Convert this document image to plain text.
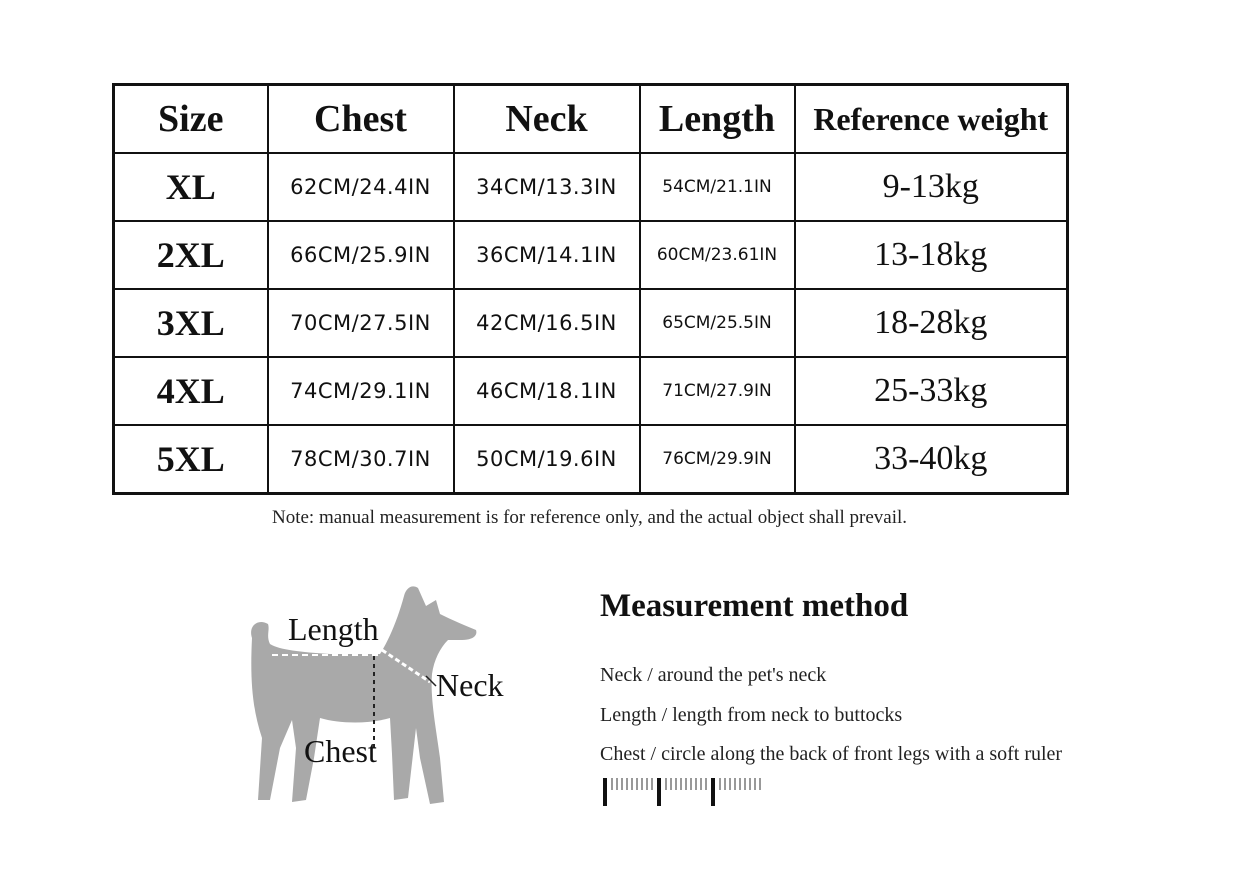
Size	Chest	Neck	Length	Reference weight
XL	62CM/24.4IN	34CM/13.3IN	54CM/21.1IN	9-13kg
2XL	66CM/25.9IN	36CM/14.1IN	60CM/23.61IN	13-18kg
3XL	70CM/27.5IN	42CM/16.5IN	65CM/25.5IN	18-28kg
4XL	74CM/29.1IN	46CM/18.1IN	71CM/27.9IN	25-33kg
5XL	78CM/30.7IN	50CM/19.6IN	76CM/29.9IN	33-40kg
Note: manual measurement is for reference only, and the actual object shall prevail.
Length
Neck
Chest
Measurement method
Neck / around the pet's neck
Length / length from neck to buttocks
Chest / circle along the back of front legs with a soft ruler
